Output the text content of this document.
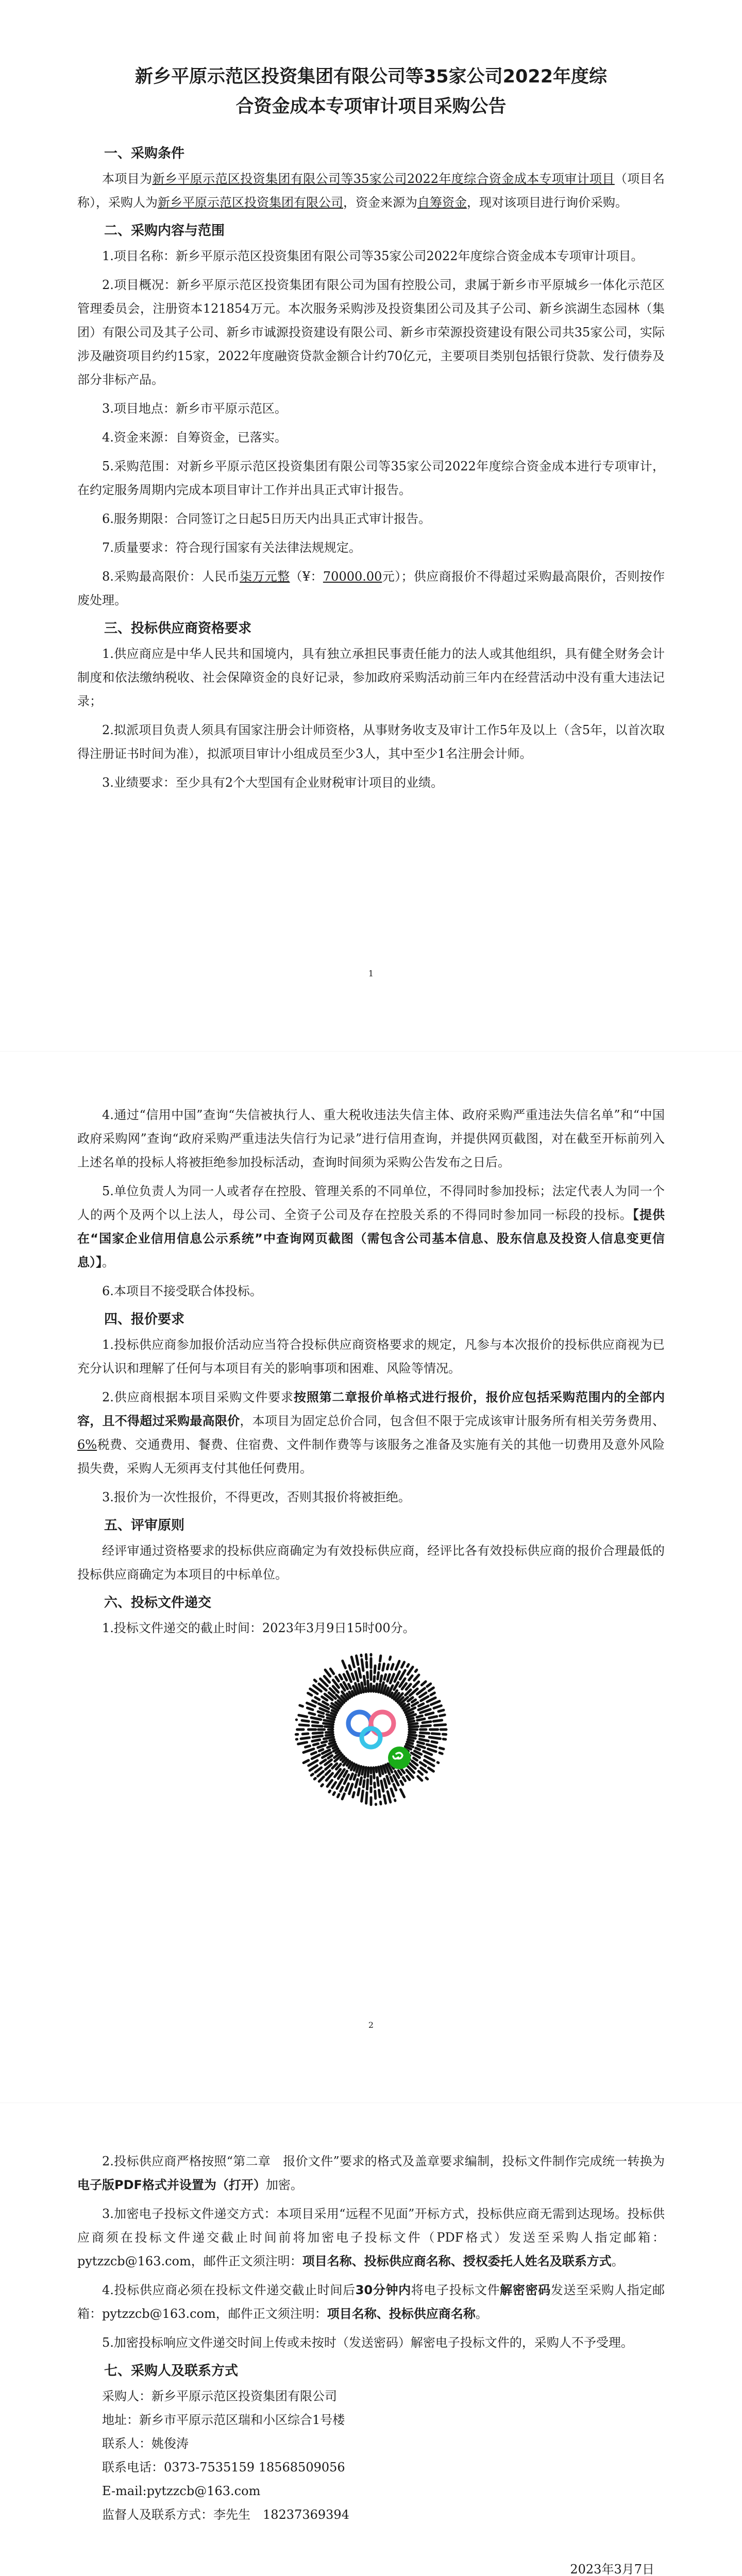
新乡平原示范区投资集团有限公司等35家公司2022年度综
合资金成本专项审计项目采购公告

一、采购条件

本项目为新乡平原示范区投资集团有限公司等35家公司2022年度综合资金成本专项审计项目（项目名称），采购人为新乡平原示范区投资集团有限公司，资金来源为自筹资金，现对该项目进行询价采购。

二、采购内容与范围

1.项目名称：新乡平原示范区投资集团有限公司等35家公司2022年度综合资金成本专项审计项目。

2.项目概况：新乡平原示范区投资集团有限公司为国有控股公司，隶属于新乡市平原城乡一体化示范区管理委员会，注册资本121854万元。本次服务采购涉及投资集团公司及其子公司、新乡滨湖生态园林（集团）有限公司及其子公司、新乡市诚源投资建设有限公司、新乡市荣源投资建设有限公司共35家公司，实际涉及融资项目约约15家，2022年度融资贷款金额合计约70亿元，主要项目类别包括银行贷款、发行债券及部分非标产品。

3.项目地点：新乡市平原示范区。

4.资金来源：自筹资金，已落实。

5.采购范围：对新乡平原示范区投资集团有限公司等35家公司2022年度综合资金成本进行专项审计，在约定服务周期内完成本项目审计工作并出具正式审计报告。

6.服务期限：合同签订之日起5日历天内出具正式审计报告。

7.质量要求：符合现行国家有关法律法规规定。

8.采购最高限价：人民币柒万元整（¥：70000.00元）；供应商报价不得超过采购最高限价，否则按作废处理。

三、投标供应商资格要求

1.供应商应是中华人民共和国境内，具有独立承担民事责任能力的法人或其他组织，具有健全财务会计制度和依法缴纳税收、社会保障资金的良好记录，参加政府采购活动前三年内在经营活动中没有重大违法记录；

2.拟派项目负责人须具有国家注册会计师资格，从事财务收支及审计工作5年及以上（含5年，以首次取得注册证书时间为准），拟派项目审计小组成员至少3人，其中至少1名注册会计师。

3.业绩要求：至少具有2个大型国有企业财税审计项目的业绩。

1

4.通过“信用中国”查询“失信被执行人、重大税收违法失信主体、政府采购严重违法失信名单”和“中国政府采购网”查询“政府采购严重违法失信行为记录”进行信用查询，并提供网页截图，对在截至开标前列入上述名单的投标人将被拒绝参加投标活动，查询时间须为采购公告发布之日后。

5.单位负责人为同一人或者存在控股、管理关系的不同单位，不得同时参加投标；法定代表人为同一个人的两个及两个以上法人，母公司、全资子公司及存在控股关系的不得同时参加同一标段的投标。【提供在“国家企业信用信息公示系统”中查询网页截图（需包含公司基本信息、股东信息及投资人信息变更信息）】。

6.本项目不接受联合体投标。

四、报价要求

1.投标供应商参加报价活动应当符合投标供应商资格要求的规定，凡参与本次报价的投标供应商视为已充分认识和理解了任何与本项目有关的影响事项和困难、风险等情况。

2.供应商根据本项目采购文件要求按照第二章报价单格式进行报价，报价应包括采购范围内的全部内容，且不得超过采购最高限价，本项目为固定总价合同，包含但不限于完成该审计服务所有相关劳务费用、6%税费、交通费用、餐费、住宿费、文件制作费等与该服务之准备及实施有关的其他一切费用及意外风险损失费，采购人无须再支付其他任何费用。

3.报价为一次性报价，不得更改，否则其报价将被拒绝。

五、评审原则

经评审通过资格要求的投标供应商确定为有效投标供应商，经评比各有效投标供应商的报价合理最低的投标供应商确定为本项目的中标单位。

六、投标文件递交

1.投标文件递交的截止时间：2023年3月9日15时00分。

2

2.投标供应商严格按照“第二章　报价文件”要求的格式及盖章要求编制，投标文件制作完成统一转换为电子版PDF格式并设置为（打开）加密。

3.加密电子投标文件递交方式：本项目采用“远程不见面”开标方式，投标供应商无需到达现场。投标供应商须在投标文件递交截止时间前将加密电子投标文件（PDF格式）发送至采购人指定邮箱：pytzzcb@163.com，邮件正文须注明：项目名称、投标供应商名称、授权委托人姓名及联系方式。

4.投标供应商必须在投标文件递交截止时间后30分钟内将电子投标文件解密密码发送至采购人指定邮箱：pytzzcb@163.com，邮件正文须注明：项目名称、投标供应商名称。

5.加密投标响应文件递交时间上传或未按时（发送密码）解密电子投标文件的，采购人不予受理。

七、采购人及联系方式

采购人：新乡平原示范区投资集团有限公司

地址：新乡市平原示范区瑞和小区综合1号楼

联系人：姚俊涛

联系电话：0373-7535159 18568509056

E-mail:pytzzcb@163.com

监督人及联系方式：李先生　18237369394

2023年3月7日
